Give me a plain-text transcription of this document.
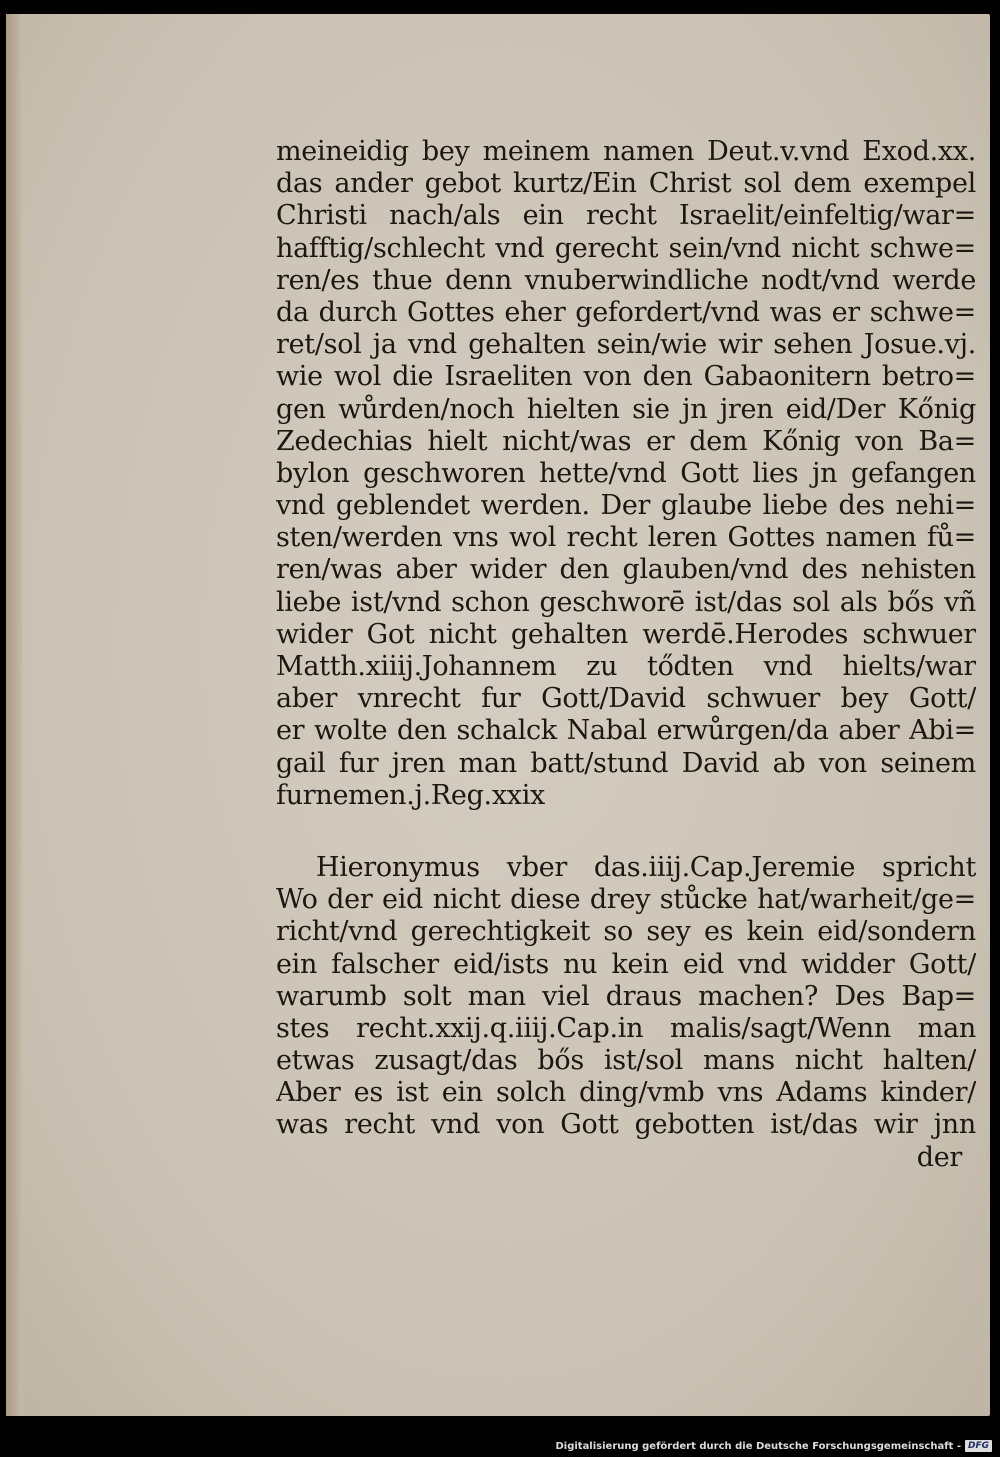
meineidig bey meinem namen Deut.v.vnd Exod.xx.
das ander gebot kurtz/Ein Christ sol dem exempel
Christi nach/als ein recht Israelit/einfeltig/war=
hafftig/schlecht vnd gerecht sein/vnd nicht schwe=
ren/es thue denn vnuberwindliche nodt/vnd werde
da durch Gottes eher gefordert/vnd was er schwe=
ret/sol ja vnd gehalten sein/wie wir sehen Josue.vj.
wie wol die Israeliten von den Gabaonitern betro=
gen wůrden/noch hielten sie jn jren eid/Der Kőnig
Zedechias hielt nicht/was er dem Kőnig von Ba=
bylon geschworen hette/vnd Gott lies jn gefangen
vnd geblendet werden. Der glaube liebe des nehi=
sten/werden vns wol recht leren Gottes namen fů=
ren/was aber wider den glauben/vnd des nehisten
liebe ist/vnd schon geschworē ist/das sol als bős vñ
wider Got nicht gehalten werdē.Herodes schwuer
Matth.xiiij.Johannem zu tődten vnd hielts/war
aber vnrecht fur Gott/David schwuer bey Gott/
er wolte den schalck Nabal erwůrgen/da aber Abi=
gail fur jren man batt/stund David ab von seinem
furnemen.j.Reg.xxix
Hieronymus vber das.iiij.Cap.Jeremie spricht
Wo der eid nicht diese drey stůcke hat/warheit/ge=
richt/vnd gerechtigkeit so sey es kein eid/sondern
ein falscher eid/ists nu kein eid vnd widder Gott/
warumb solt man viel draus machen? Des Bap=
stes recht.xxij.q.iiij.Cap.in malis/sagt/Wenn man
etwas zusagt/das bős ist/sol mans nicht halten/
Aber es ist ein solch ding/vmb vns Adams kinder/
was recht vnd von Gott gebotten ist/das wir jnn
der
Digitalisierung gefördert durch die Deutsche Forschungsgemeinschaft - DFG
